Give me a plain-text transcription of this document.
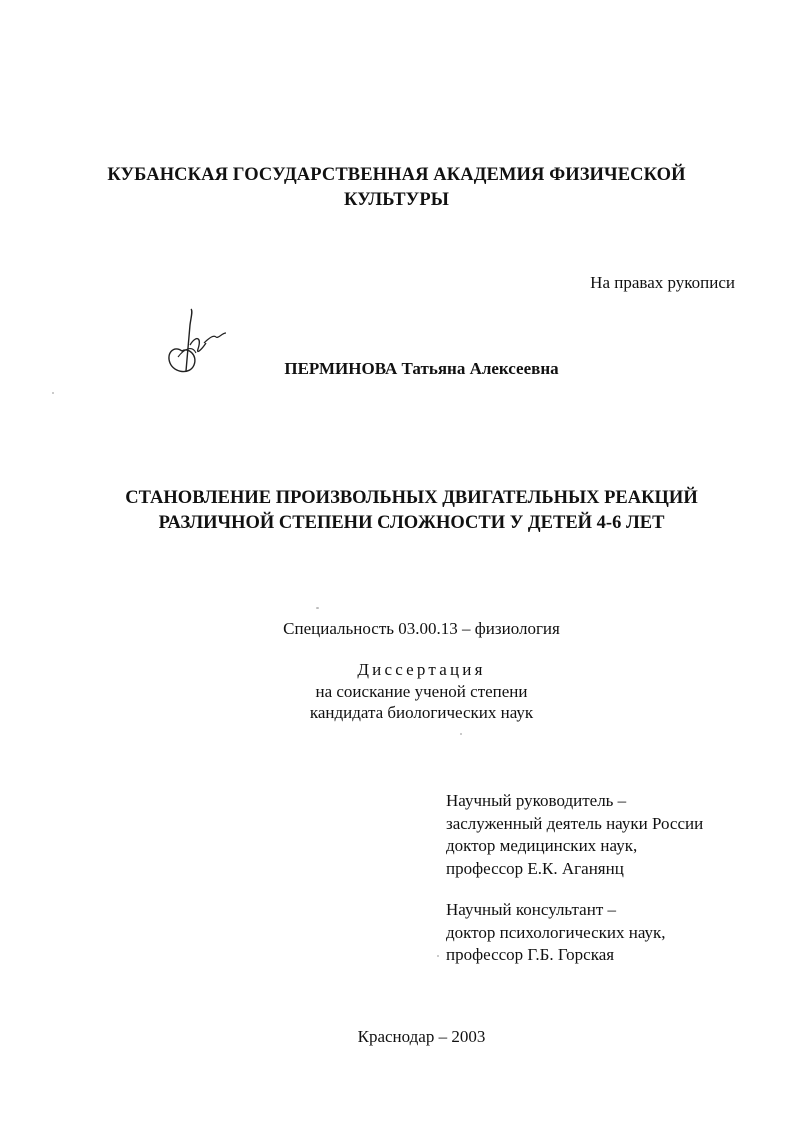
КУБАНСКАЯ ГОСУДАРСТВЕННАЯ АКАДЕМИЯ ФИЗИЧЕСКОЙ
КУЛЬТУРЫ
На правах рукописи
ПЕРМИНОВА Татьяна Алексеевна
СТАНОВЛЕНИЕ ПРОИЗВОЛЬНЫХ ДВИГАТЕЛЬНЫХ РЕАКЦИЙ
РАЗЛИЧНОЙ СТЕПЕНИ СЛОЖНОСТИ У ДЕТЕЙ 4-6 ЛЕТ
Специальность 03.00.13 – физиология
Диссертация
на соискание ученой степени
кандидата биологических наук
Научный руководитель –
заслуженный деятель науки России
доктор медицинских наук,
профессор Е.К. Аганянц
Научный консультант –
доктор психологических наук,
профессор Г.Б. Горская
Краснодар – 2003
